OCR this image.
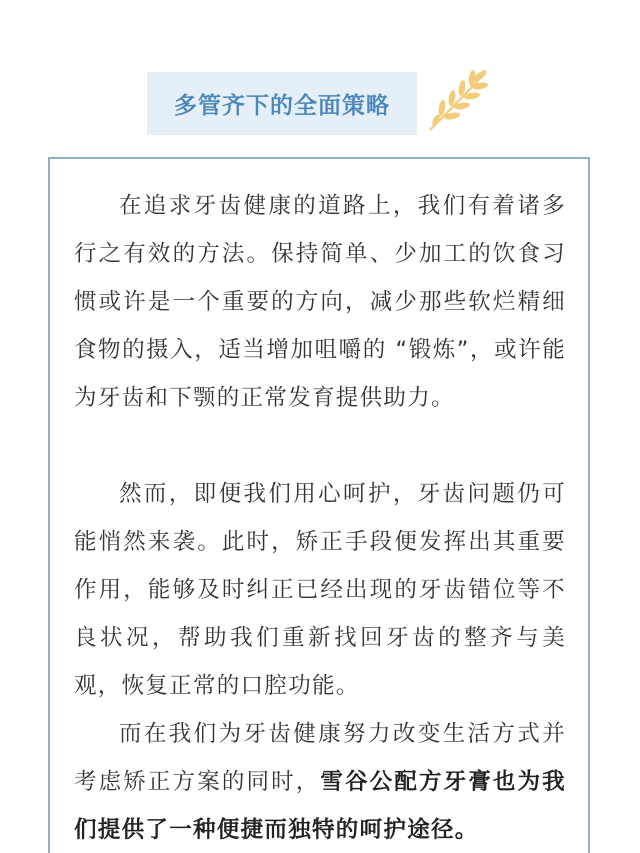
多管齐下的全面策略

在追求牙齿健康的道路上，我们有着诸多行之有效的方法。保持简单、少加工的饮食习惯或许是一个重要的方向，减少那些软烂精细食物的摄入，适当增加咀嚼的 “锻炼”，或许能为牙齿和下颚的正常发育提供助力。

然而，即便我们用心呵护，牙齿问题仍可能悄然来袭。此时，矫正手段便发挥出其重要作用，能够及时纠正已经出现的牙齿错位等不良状况，帮助我们重新找回牙齿的整齐与美观，恢复正常的口腔功能。

而在我们为牙齿健康努力改变生活方式并考虑矫正方案的同时，雪谷公配方牙膏也为我们提供了一种便捷而独特的呵护途径。
